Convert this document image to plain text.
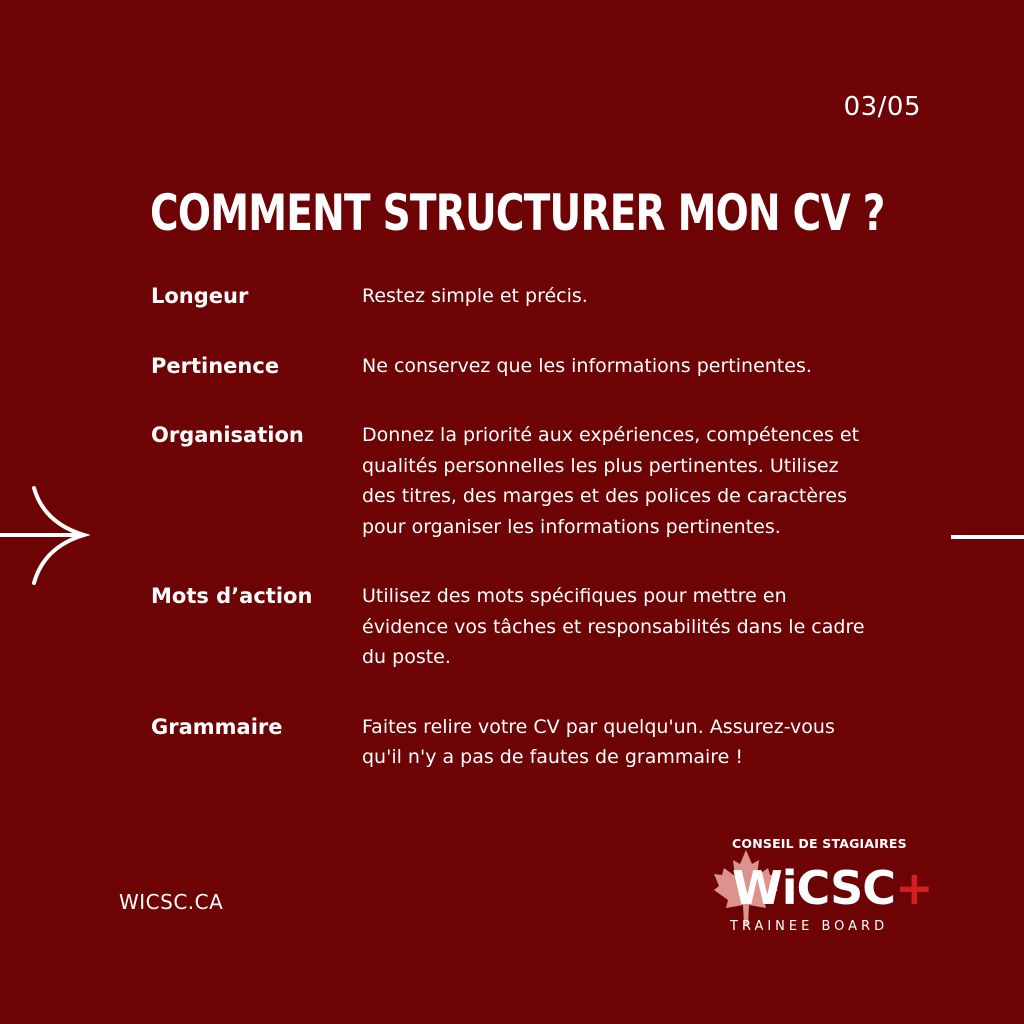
03/05
COMMENT STRUCTURER MON CV ?
Longeur	Restez simple et précis.
Pertinence	Ne conservez que les informations pertinentes.
Organisation	Donnez la priorité aux expériences, compétences et qualités personnelles les plus pertinentes. Utilisez des titres, des marges et des polices de caractères pour organiser les informations pertinentes.
Mots d’action	Utilisez des mots spécifiques pour mettre en évidence vos tâches et responsabilités dans le cadre du poste.
Grammaire	Faites relire votre CV par quelqu'un. Assurez-vous qu'il n'y a pas de fautes de grammaire !
WICSC.CA
CONSEIL DE STAGIAIRES
WiCSC+
TRAINEE BOARD
